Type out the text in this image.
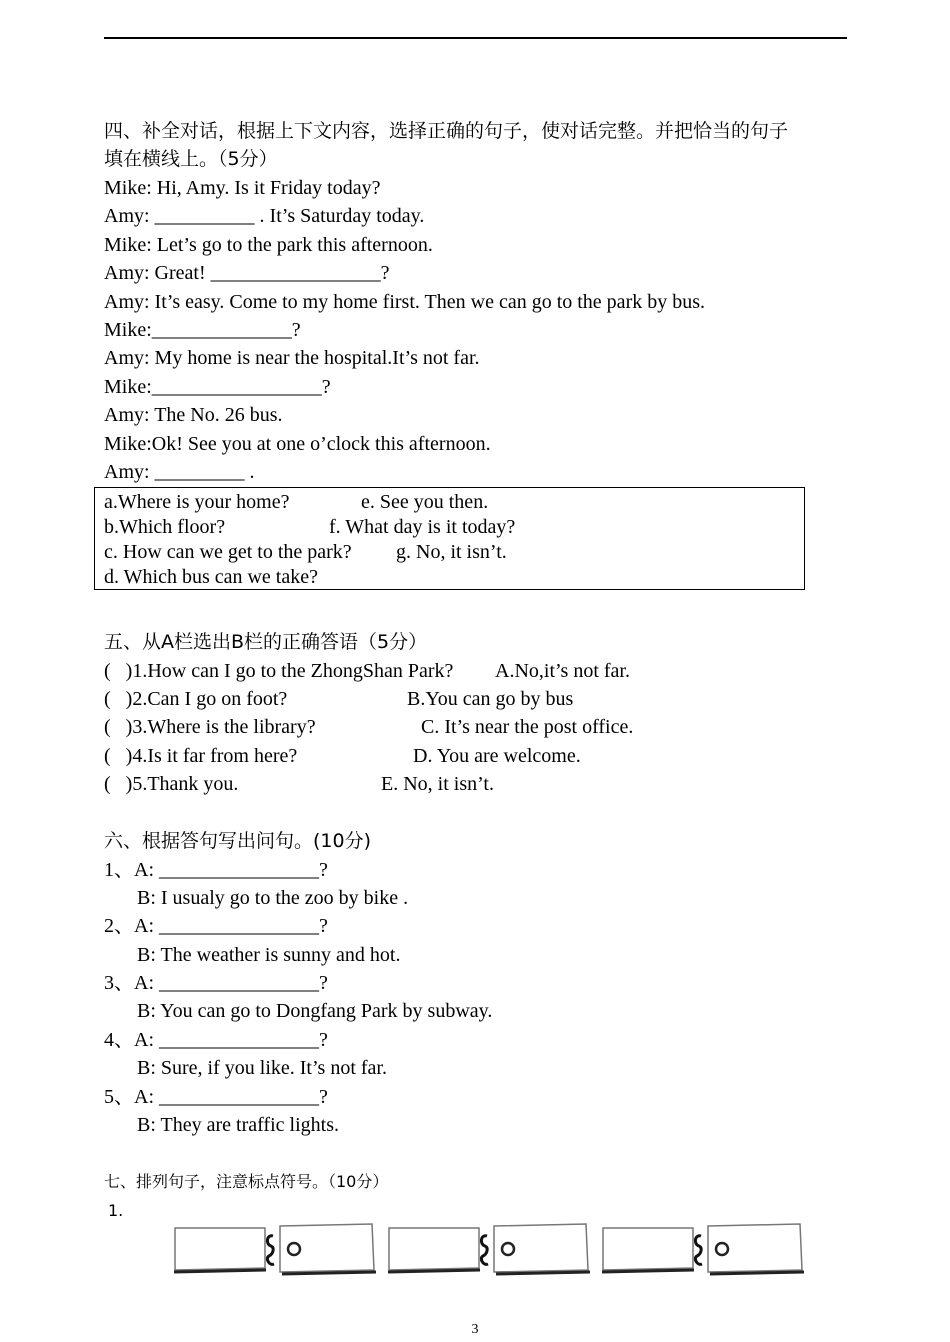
四、补全对话，根据上下文内容，选择正确的句子，使对话完整。并把恰当的句子
填在横线上。（5分）
Mike: Hi, Amy. Is it Friday today?
Amy: __________ . It’s Saturday today.
Mike: Let’s go to the park this afternoon.
Amy: Great! _________________?
Amy: It’s easy. Come to my home first. Then we can go to the park by bus.
Mike:______________?
Amy: My home is near the hospital.It’s not far.
Mike:_________________?
Amy: The No. 26 bus.
Mike:Ok! See you at one o’clock this afternoon.
Amy: _________ .
a.Where is your home?	e. See you then.
b.Which floor?	f. What day is it today?
c. How can we get to the park? g. No, it isn’t.
d. Which bus can we take?
五、从A栏选出B栏的正确答语（5分）
(   )1.How can I go to the ZhongShan Park? A.No,it’s not far.
(   )2.Can I go on foot?	B.You can go by bus
(   )3.Where is the library?	C. It’s near the post office.
(   )4.Is it far from here?	D. You are welcome.
(   )5.Thank you.	E. No, it isn’t.
六、根据答句写出问句。(10分)
1、A: ________________?
B: I usualy go to the zoo by bike .
2、A: ________________?
B: The weather is sunny and hot.
3、A: ________________?
B: You can go to Dongfang Park by subway.
4、A: ________________?
B: Sure, if you like. It’s not far.
5、A: ________________?
B: They are traffic lights.
七、排列句子，注意标点符号。（10分）
1.
3
